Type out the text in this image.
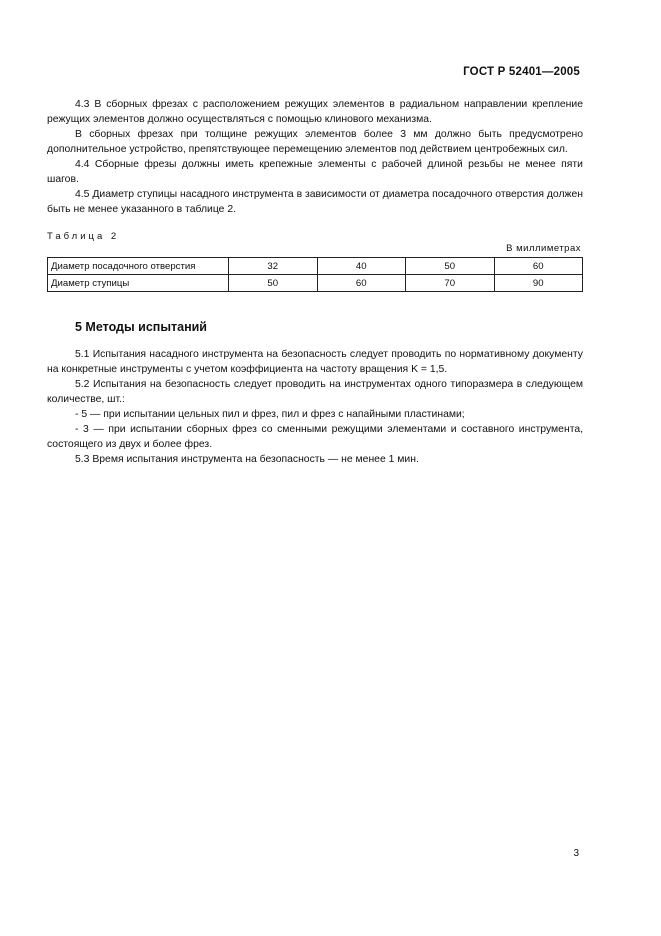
ГОСТ Р 52401—2005

4.3 В сборных фрезах с расположением режущих элементов в радиальном направлении крепление режущих элементов должно осуществляться с помощью клинового механизма.

В сборных фрезах при толщине режущих элементов более 3 мм должно быть предусмотрено дополнительное устройство, препятствующее перемещению элементов под действием центробежных сил.

4.4 Сборные фрезы должны иметь крепежные элементы с рабочей длиной резьбы не менее пяти шагов.

4.5 Диаметр ступицы насадного инструмента в зависимости от диаметра посадочного отверстия должен быть не менее указанного в таблице 2.

Таблица 2
В миллиметрах
Диаметр посадочного отверстия	32	40	50	60
Диаметр ступицы	50	60	70	90
5 Методы испытаний

5.1 Испытания насадного инструмента на безопасность следует проводить по нормативному документу на конкретные инструменты с учетом коэффициента на частоту вращения K = 1,5.

5.2 Испытания на безопасность следует проводить на инструментах одного типоразмера в следующем количестве, шт.:

- 5 — при испытании цельных пил и фрез, пил и фрез с напайными пластинами;

- 3 — при испытании сборных фрез со сменными режущими элементами и составного инструмента, состоящего из двух и более фрез.

5.3 Время испытания инструмента на безопасность — не менее 1 мин.

3
